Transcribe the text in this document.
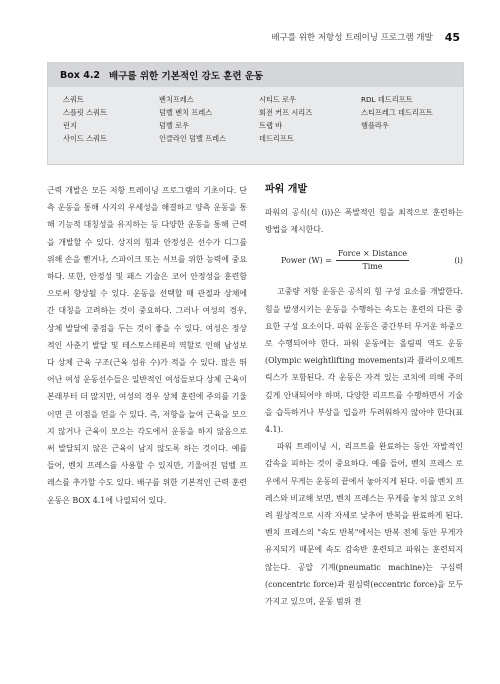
배구를 위한 저항성 트레이닝 프로그램 개발 45
Box 4.2 배구를 위한 기본적인 강도 훈련 운동
스쿼트	벤치프레스	시티드 로우	RDL 데드리프트
스플릿 스쿼트	덤벨 벤치 프레스	회전 커프 시리즈	스티프레그 데드리프트
런지	덤벨 로우	트랩 바	햄플라우
사이드 스쿼트	인클라인 덤벨 프레스	데드리프트

근력 개발은 모든 저항 트레이닝 프로그램의 기초이다. 단측 운동을 통해 사지의 우세성을 해결하고 양측 운동을 통해 기능적 대칭성을 유지하는 등 다양한 운동을 통해 근력을 개발할 수 있다. 상지의 힘과 안정성은 선수가 디그를 위해 손을 뻗거나, 스파이크 또는 서브를 위한 능력에 중요하다. 또한, 안정성 및 패스 기술은 코어 안정성을 훈련함으로써 향상될 수 있다. 운동을 선택할 때 관절과 상체에 간 대칭을 고려하는 것이 중요하다. 그러나 여성의 경우, 상체 발달에 중점을 두는 것이 좋을 수 있다. 여성은 정상적인 사춘기 발달 및 테스토스테론의 역할로 인해 남성보다 상체 근육 구조(근육 섬유 수)가 적을 수 있다. 많은 뛰어난 여성 운동선수들은 일반적인 여성들보다 상체 근육이 본래부터 더 많지만, 여성의 경우 상체 훈련에 주의를 기울이면 큰 이점을 얻을 수 있다. 즉, 저항을 늘여 근육을 모으지 않거나 근육이 모으는 각도에서 운동을 하지 않음으로써 발달되지 않은 근육이 남지 않도록 하는 것이다. 예를 들어, 벤치 프레스를 사용할 수 있지만, 기울어진 덤벨 프레스를 추가할 수도 있다. 배구를 위한 기본적인 근력 훈련 운동은 BOX 4.1에 나열되어 있다.

파워 개발

파워의 공식(식 (i))은 폭발적인 힘을 최적으로 훈련하는 방법을 제시한다.

Power $(W) = \frac{\text{Force × Distance}}{\text{Time}}$	(i)

고중량 저항 운동은 공식의 힘 구성 요소를 개발한다. 힘을 발생시키는 운동을 수행하는 속도는 훈련의 다른 중요한 구성 요소이다. 파워 운동은 중간부터 무거운 하중으로 수행되어야 한다. 파워 운동에는 올림픽 역도 운동(Olympic weightlifting movements)과 플라이오메트릭스가 포함된다. 각 운동은 자격 있는 코치에 의해 주의 깊게 안내되어야 하며, 다양한 리프트를 수행하면서 기술을 습득하거나 부상을 입을까 두려워하지 않아야 한다(표 4.1).

파워 트레이닝 시, 리프트를 완료하는 동안 자발적인 감속을 피하는 것이 중요하다. 예를 들어, 벤치 프레스 로우에서 무게는 운동의 끝에서 놓아지게 된다. 이를 벤치 프레스와 비교해 보면, 벤치 프레스는 무게를 놓치 않고 오히려 원상적으로 시작 자세로 낮추어 반복을 완료하게 된다. 벤치 프레스의 "속도 반복"에서는 반복 전체 동안 무게가 유지되기 때문에 속도 감속반 훈련되고 파워는 훈련되지 않는다. 공압 기계(pneumatic machine)는 구심력(concentric force)과 원심력(eccentric force)을 모두 가지고 있으며, 운동 범위 전
